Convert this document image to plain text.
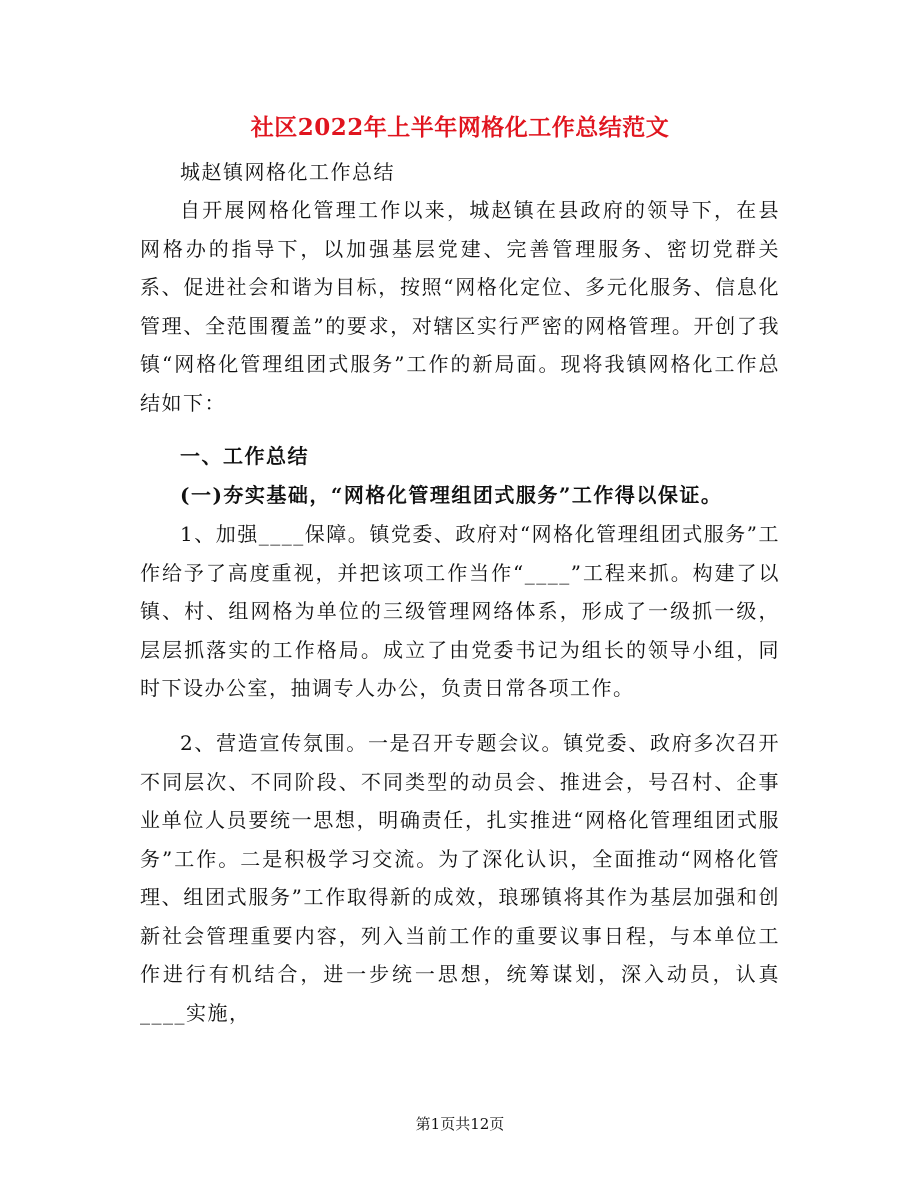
社区2022年上半年网格化工作总结范文

城赵镇网格化工作总结

自开展网格化管理工作以来，城赵镇在县政府的领导下，在县网格办的指导下，以加强基层党建、完善管理服务、密切党群关系、促进社会和谐为目标，按照“网格化定位、多元化服务、信息化管理、全范围覆盖”的要求，对辖区实行严密的网格管理。开创了我镇“网格化管理组团式服务”工作的新局面。现将我镇网格化工作总结如下：

一、工作总结

(一)夯实基础，“网格化管理组团式服务”工作得以保证。

1、加强____保障。镇党委、政府对“网格化管理组团式服务”工作给予了高度重视，并把该项工作当作“____”工程来抓。构建了以镇、村、组网格为单位的三级管理网络体系，形成了一级抓一级，层层抓落实的工作格局。成立了由党委书记为组长的领导小组，同时下设办公室，抽调专人办公，负责日常各项工作。

2、营造宣传氛围。一是召开专题会议。镇党委、政府多次召开不同层次、不同阶段、不同类型的动员会、推进会，号召村、企事业单位人员要统一思想，明确责任，扎实推进“网格化管理组团式服务”工作。二是积极学习交流。为了深化认识，全面推动“网格化管理、组团式服务”工作取得新的成效，琅琊镇将其作为基层加强和创新社会管理重要内容，列入当前工作的重要议事日程，与本单位工作进行有机结合，进一步统一思想，统筹谋划，深入动员，认真____实施，

第1页共12页
